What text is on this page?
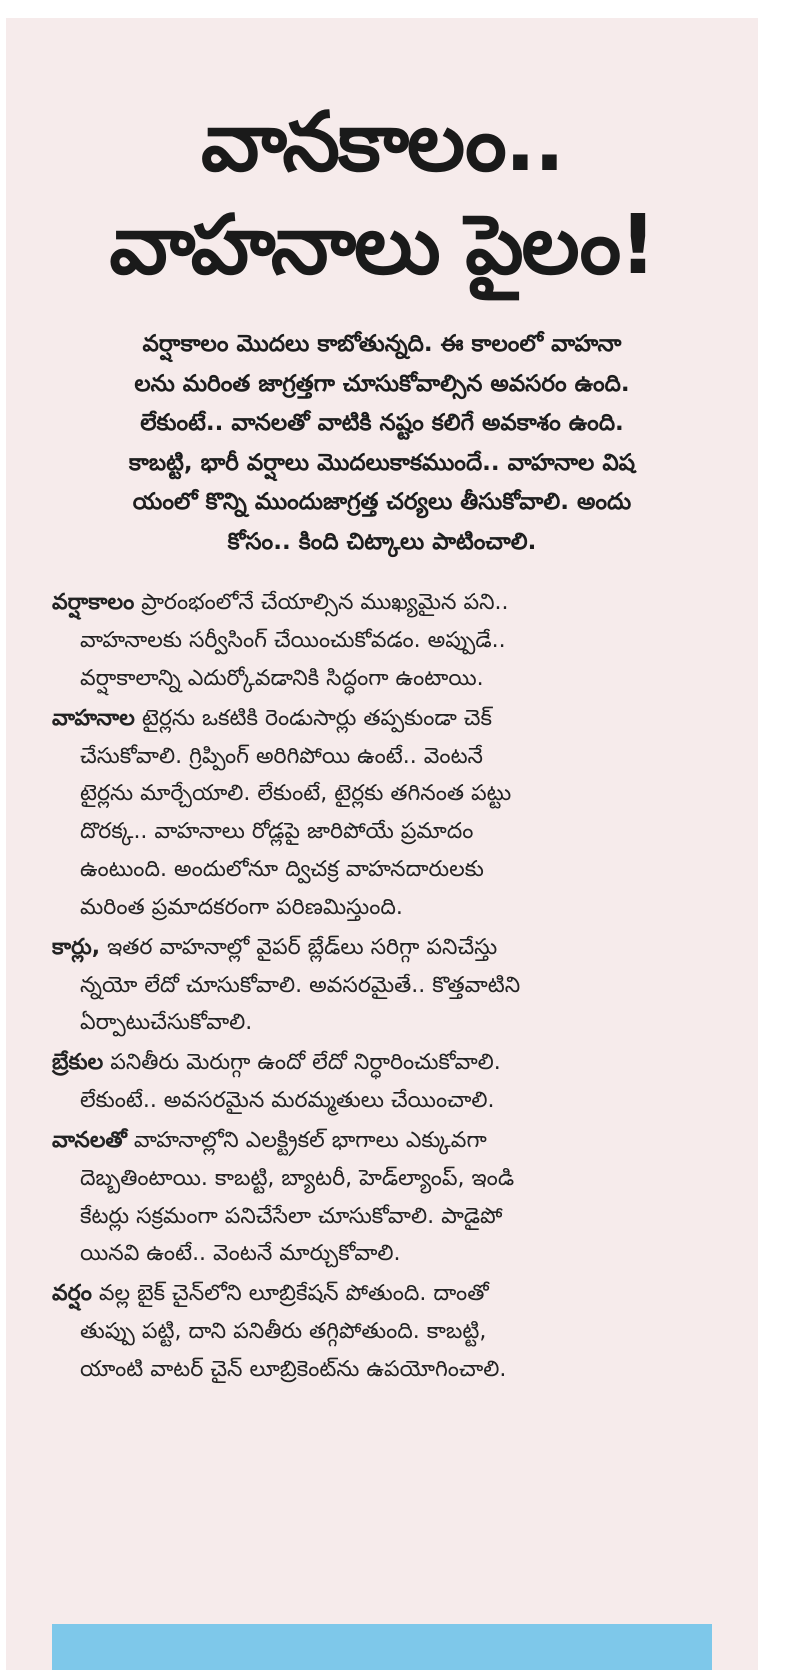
వానకాలం..
వాహనాలు పైలం!
వర్షాకాలం మొదలు కాబోతున్నది. ఈ కాలంలో వాహనా
లను మరింత జాగ్రత్తగా చూసుకోవాల్సిన అవసరం ఉంది.
లేకుంటే.. వానలతో వాటికి నష్టం కలిగే అవకాశం ఉంది.
కాబట్టి, భారీ వర్షాలు మొదలుకాకముందే.. వాహనాల విష
యంలో కొన్ని ముందుజాగ్రత్త చర్యలు తీసుకోవాలి. అందు
కోసం.. కింది చిట్కాలు పాటించాలి.
వర్షాకాలం ప్రారంభంలోనే చేయాల్సిన ముఖ్యమైన పని..
వాహనాలకు సర్వీసింగ్ చేయించుకోవడం. అప్పుడే..
వర్షాకాలాన్ని ఎదుర్కోవడానికి సిద్ధంగా ఉంటాయి.
వాహనాల టైర్లను ఒకటికి రెండుసార్లు తప్పకుండా చెక్
చేసుకోవాలి. గ్రిప్పింగ్ అరిగిపోయి ఉంటే.. వెంటనే
టైర్లను మార్చేయాలి. లేకుంటే, టైర్లకు తగినంత పట్టు
దొరక్క.. వాహనాలు రోడ్లపై జారిపోయే ప్రమాదం
ఉంటుంది. అందులోనూ ద్విచక్ర వాహనదారులకు
మరింత ప్రమాదకరంగా పరిణమిస్తుంది.
కార్లు, ఇతర వాహనాల్లో వైపర్ బ్లేడ్‌లు సరిగ్గా పనిచేస్తు
న్నయో లేదో చూసుకోవాలి. అవసరమైతే.. కొత్తవాటిని
ఏర్పాటుచేసుకోవాలి.
బ్రేకుల పనితీరు మెరుగ్గా ఉందో లేదో నిర్ధారించుకోవాలి.
లేకుంటే.. అవసరమైన మరమ్మతులు చేయించాలి.
వానలతో వాహనాల్లోని ఎలక్ట్రికల్ భాగాలు ఎక్కువగా
దెబ్బతింటాయి. కాబట్టి, బ్యాటరీ, హెడ్‌ల్యాంప్, ఇండి
కేటర్లు సక్రమంగా పనిచేసేలా చూసుకోవాలి. పాడైపో
యినవి ఉంటే.. వెంటనే మార్చుకోవాలి.
వర్షం వల్ల బైక్ చైన్‌లోని లూబ్రికేషన్ పోతుంది. దాంతో
తుప్పు పట్టి, దాని పనితీరు తగ్గిపోతుంది. కాబట్టి,
యాంటి వాటర్ చైన్ లూబ్రికెంట్‌ను ఉపయోగించాలి.
